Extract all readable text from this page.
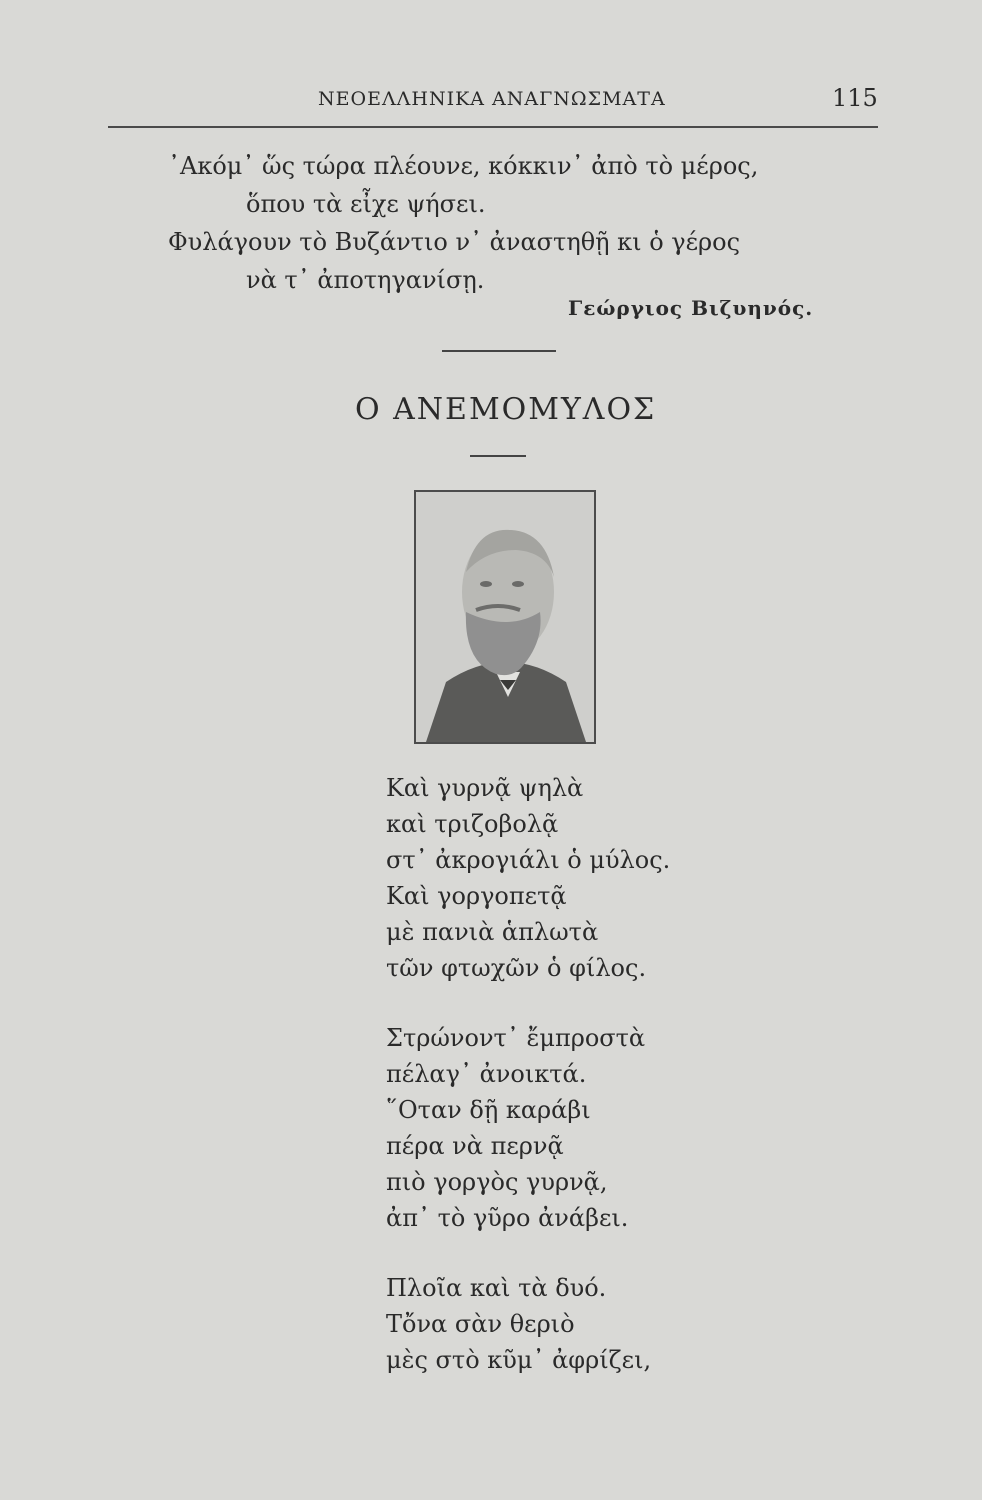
ΝΕΟΕΛΛΗΝΙΚΑ ΑΝΑΓΝΩΣΜΑΤΑ	115
᾿Ακόμ᾿ ὥς τώρα πλέουνε, κόκκιν᾿ ἀπὸ τὸ μέρος,
ὅπου τὰ εἶχε ψήσει.
Φυλάγουν τὸ Βυζάντιο ν᾿ ἀναστηθῇ κι ὁ γέρος
νὰ τ᾿ ἀποτηγανίσῃ.
Γεώργιος Βιζυηνός.
Ο ΑΝΕΜΟΜΥΛΟΣ
Καὶ γυρνᾷ ψηλὰ
καὶ τριζοβολᾷ
στ᾿ ἀκρογιάλι ὁ μύλος.
Καὶ γοργοπετᾷ
μὲ πανιὰ ἁπλωτὰ
τῶν φτωχῶν ὁ φίλος.
Στρώνοντ᾿ ἔμπροστὰ
πέλαγ᾿ ἀνοικτά.
῞Οταν δῇ καράβι
πέρα νὰ περνᾷ
πιὸ γοργὸς γυρνᾷ,
ἀπ᾿ τὸ γῦρο ἀνάβει.
Πλοῖα καὶ τὰ δυό.
Τὄνα σὰν θεριὸ
μὲς στὸ κῦμ᾿ ἀφρίζει,
